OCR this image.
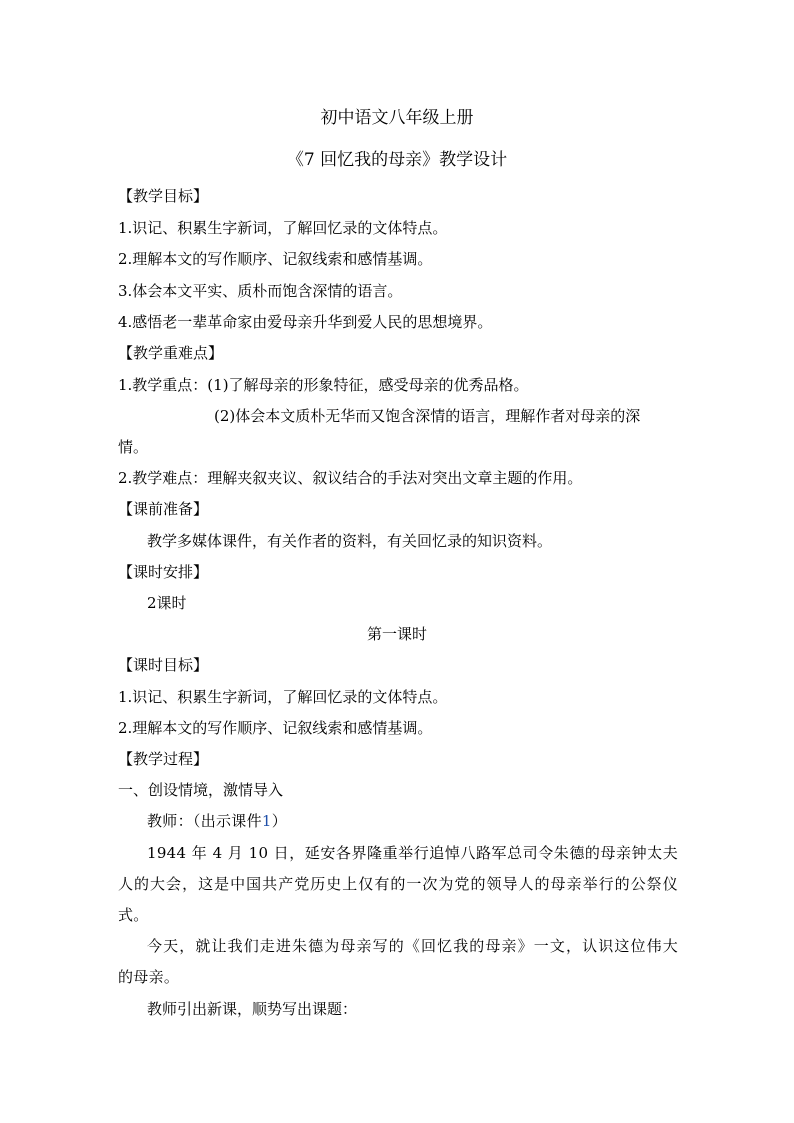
初中语文八年级上册
《7 回忆我的母亲》教学设计
【教学目标】
1.识记、积累生字新词，了解回忆录的文体特点。
2.理解本文的写作顺序、记叙线索和感情基调。
3.体会本文平实、质朴而饱含深情的语言。
4.感悟老一辈革命家由爱母亲升华到爱人民的思想境界。
【教学重难点】
1.教学重点：(1)了解母亲的形象特征，感受母亲的优秀品格。
(2)体会本文质朴无华而又饱含深情的语言，理解作者对母亲的深
情。
2.教学难点：理解夹叙夹议、叙议结合的手法对突出文章主题的作用。
【课前准备】
教学多媒体课件，有关作者的资料，有关回忆录的知识资料。
【课时安排】
2课时
第一课时
【课时目标】
1.识记、积累生字新词，了解回忆录的文体特点。
2.理解本文的写作顺序、记叙线索和感情基调。
【教学过程】
一、创设情境，激情导入
教师：（出示课件1）
1944 年 4 月 10 日，延安各界隆重举行追悼八路军总司令朱德的母亲钟太夫
人的大会，这是中国共产党历史上仅有的一次为党的领导人的母亲举行的公祭仪
式。
今天，就让我们走进朱德为母亲写的《回忆我的母亲》一文，认识这位伟大
的母亲。
教师引出新课，顺势写出课题：
